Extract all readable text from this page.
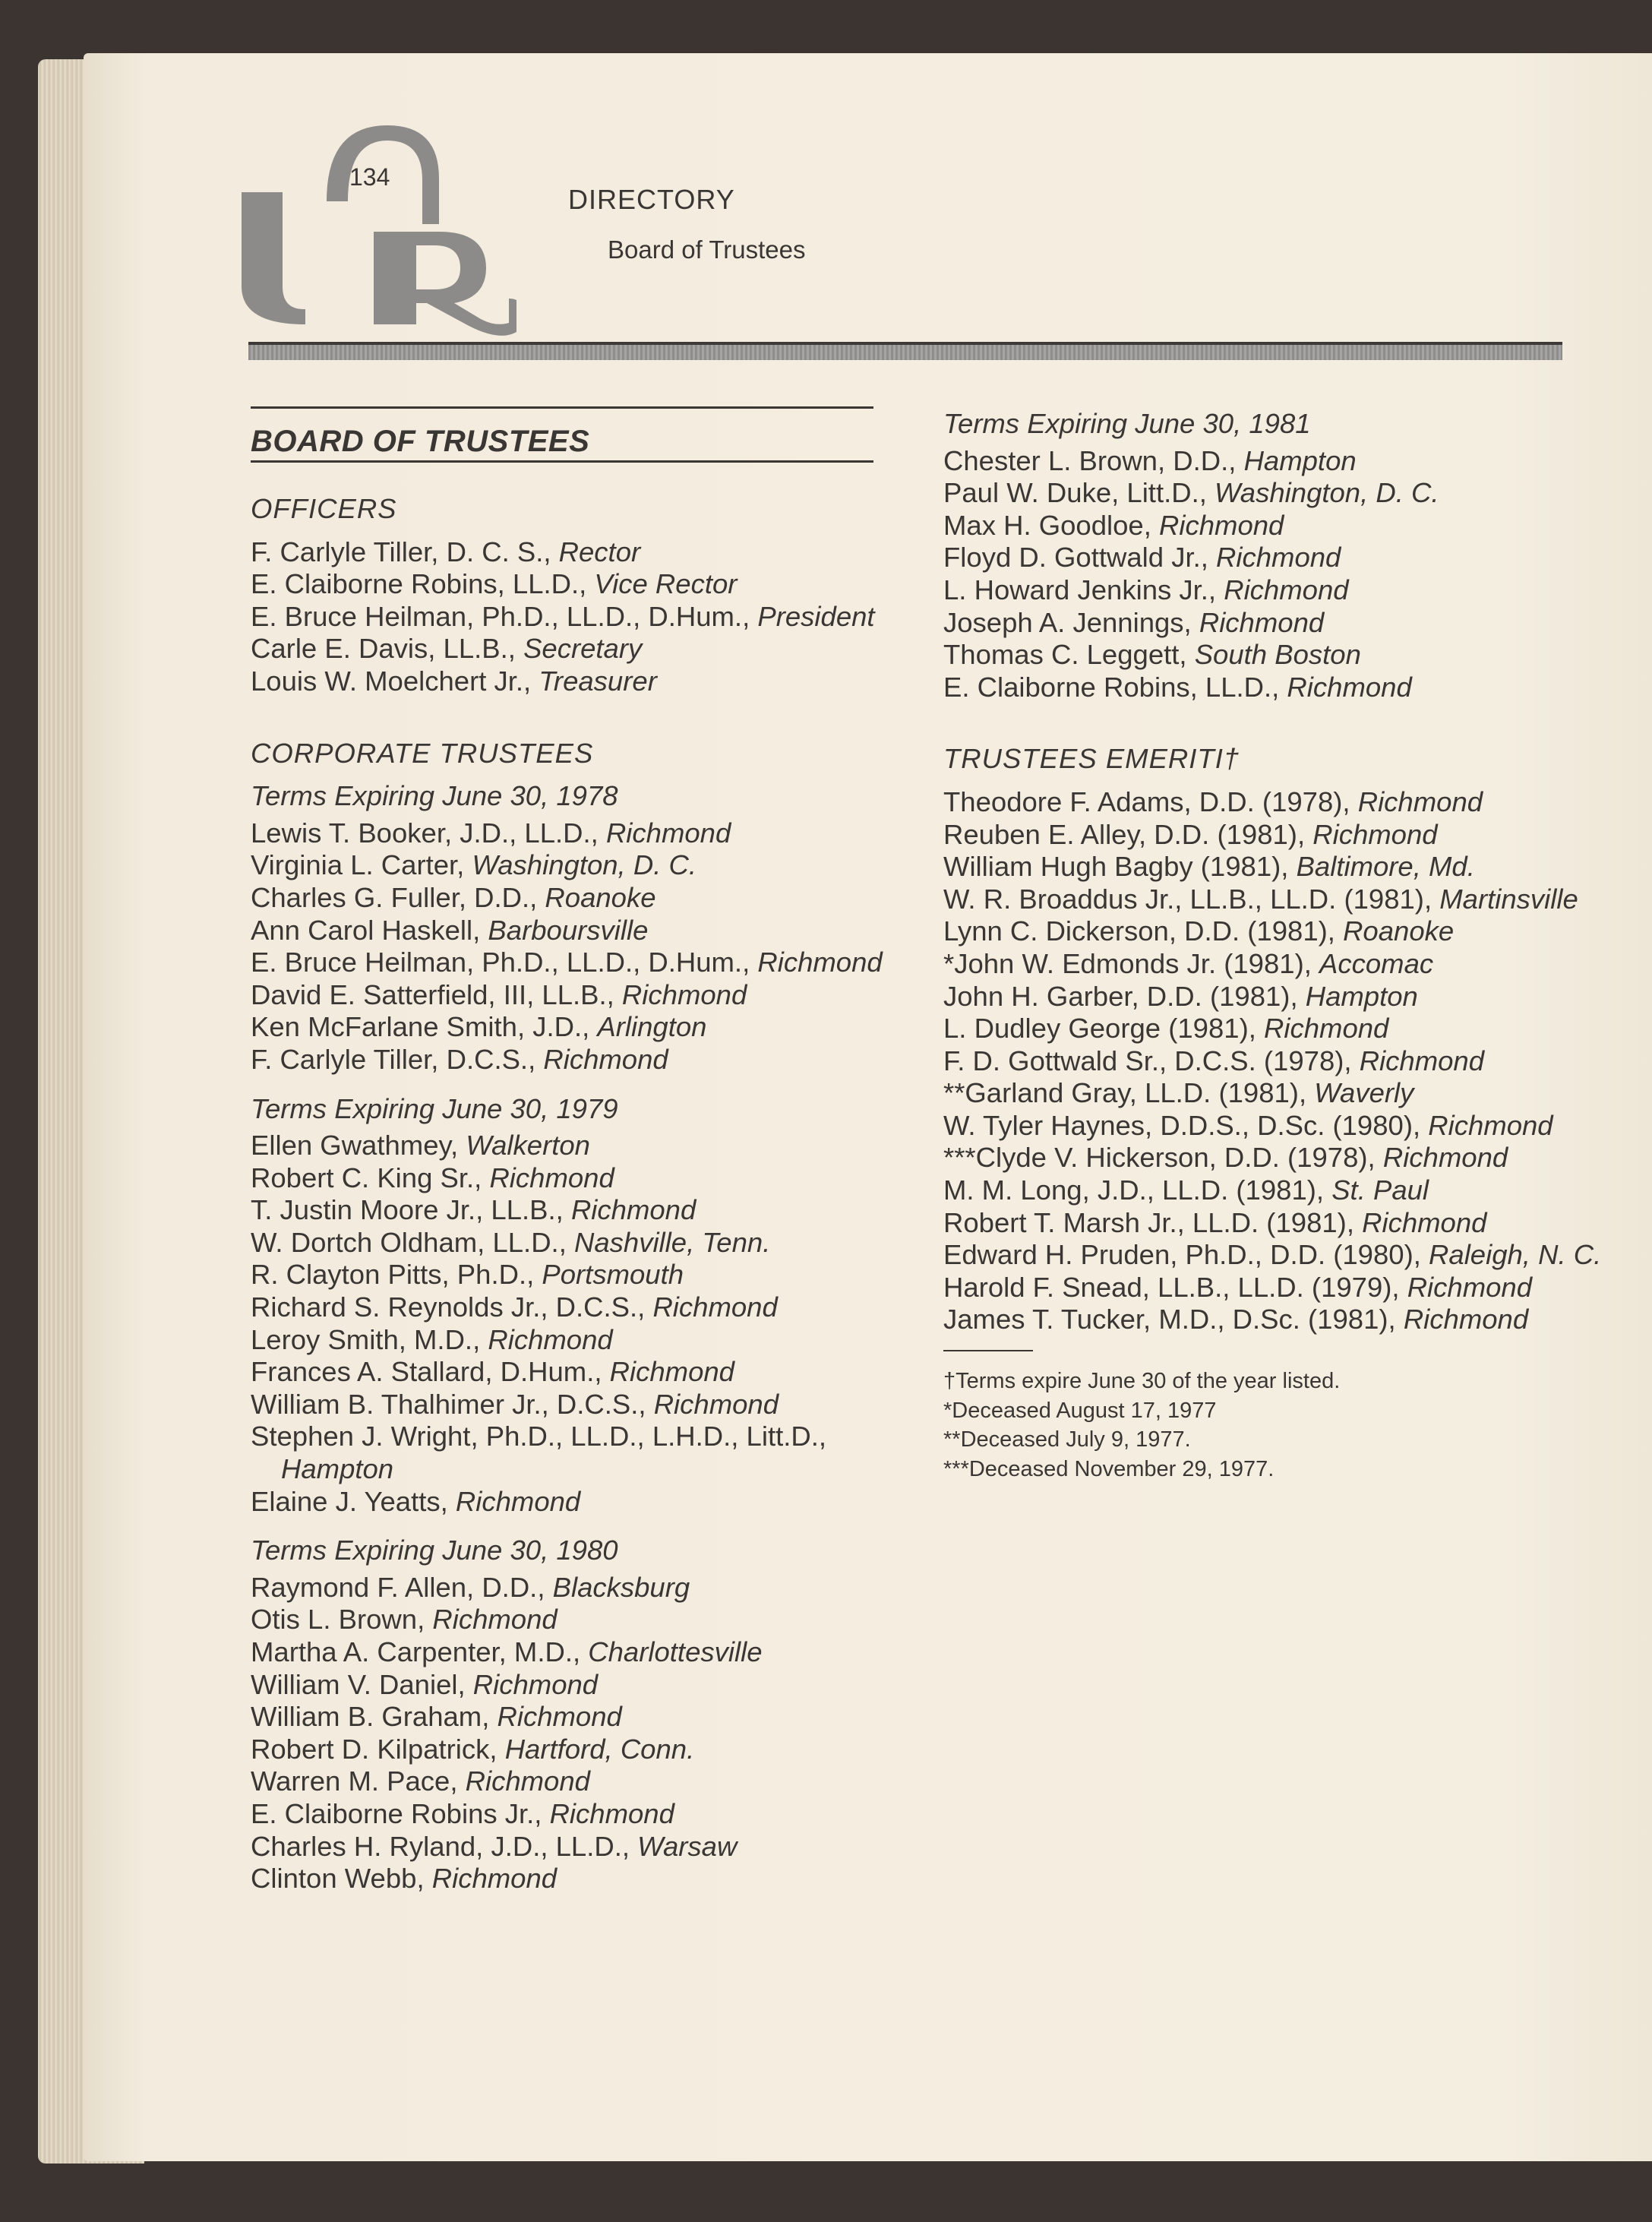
134
DIRECTORY
Board of Trustees
BOARD OF TRUSTEES
OFFICERS
F. Carlyle Tiller, D. C. S., Rector
E. Claiborne Robins, LL.D., Vice Rector
E. Bruce Heilman, Ph.D., LL.D., D.Hum., President
Carle E. Davis, LL.B., Secretary
Louis W. Moelchert Jr., Treasurer
CORPORATE TRUSTEES
Terms Expiring June 30, 1978
Lewis T. Booker, J.D., LL.D., Richmond
Virginia L. Carter, Washington, D. C.
Charles G. Fuller, D.D., Roanoke
Ann Carol Haskell, Barboursville
E. Bruce Heilman, Ph.D., LL.D., D.Hum., Richmond
David E. Satterfield, III, LL.B., Richmond
Ken McFarlane Smith, J.D., Arlington
F. Carlyle Tiller, D.C.S., Richmond
Terms Expiring June 30, 1979
Ellen Gwathmey, Walkerton
Robert C. King Sr., Richmond
T. Justin Moore Jr., LL.B., Richmond
W. Dortch Oldham, LL.D., Nashville, Tenn.
R. Clayton Pitts, Ph.D., Portsmouth
Richard S. Reynolds Jr., D.C.S., Richmond
Leroy Smith, M.D., Richmond
Frances A. Stallard, D.Hum., Richmond
William B. Thalhimer Jr., D.C.S., Richmond
Stephen J. Wright, Ph.D., LL.D., L.H.D., Litt.D., Hampton
Elaine J. Yeatts, Richmond
Terms Expiring June 30, 1980
Raymond F. Allen, D.D., Blacksburg
Otis L. Brown, Richmond
Martha A. Carpenter, M.D., Charlottesville
William V. Daniel, Richmond
William B. Graham, Richmond
Robert D. Kilpatrick, Hartford, Conn.
Warren M. Pace, Richmond
E. Claiborne Robins Jr., Richmond
Charles H. Ryland, J.D., LL.D., Warsaw
Clinton Webb, Richmond
Terms Expiring June 30, 1981
Chester L. Brown, D.D., Hampton
Paul W. Duke, Litt.D., Washington, D. C.
Max H. Goodloe, Richmond
Floyd D. Gottwald Jr., Richmond
L. Howard Jenkins Jr., Richmond
Joseph A. Jennings, Richmond
Thomas C. Leggett, South Boston
E. Claiborne Robins, LL.D., Richmond
TRUSTEES EMERITI†
Theodore F. Adams, D.D. (1978), Richmond
Reuben E. Alley, D.D. (1981), Richmond
William Hugh Bagby (1981), Baltimore, Md.
W. R. Broaddus Jr., LL.B., LL.D. (1981), Martinsville
Lynn C. Dickerson, D.D. (1981), Roanoke
*John W. Edmonds Jr. (1981), Accomac
John H. Garber, D.D. (1981), Hampton
L. Dudley George (1981), Richmond
F. D. Gottwald Sr., D.C.S. (1978), Richmond
**Garland Gray, LL.D. (1981), Waverly
W. Tyler Haynes, D.D.S., D.Sc. (1980), Richmond
***Clyde V. Hickerson, D.D. (1978), Richmond
M. M. Long, J.D., LL.D. (1981), St. Paul
Robert T. Marsh Jr., LL.D. (1981), Richmond
Edward H. Pruden, Ph.D., D.D. (1980), Raleigh, N. C.
Harold F. Snead, LL.B., LL.D. (1979), Richmond
James T. Tucker, M.D., D.Sc. (1981), Richmond
†Terms expire June 30 of the year listed.
*Deceased August 17, 1977
**Deceased July 9, 1977.
***Deceased November 29, 1977.
